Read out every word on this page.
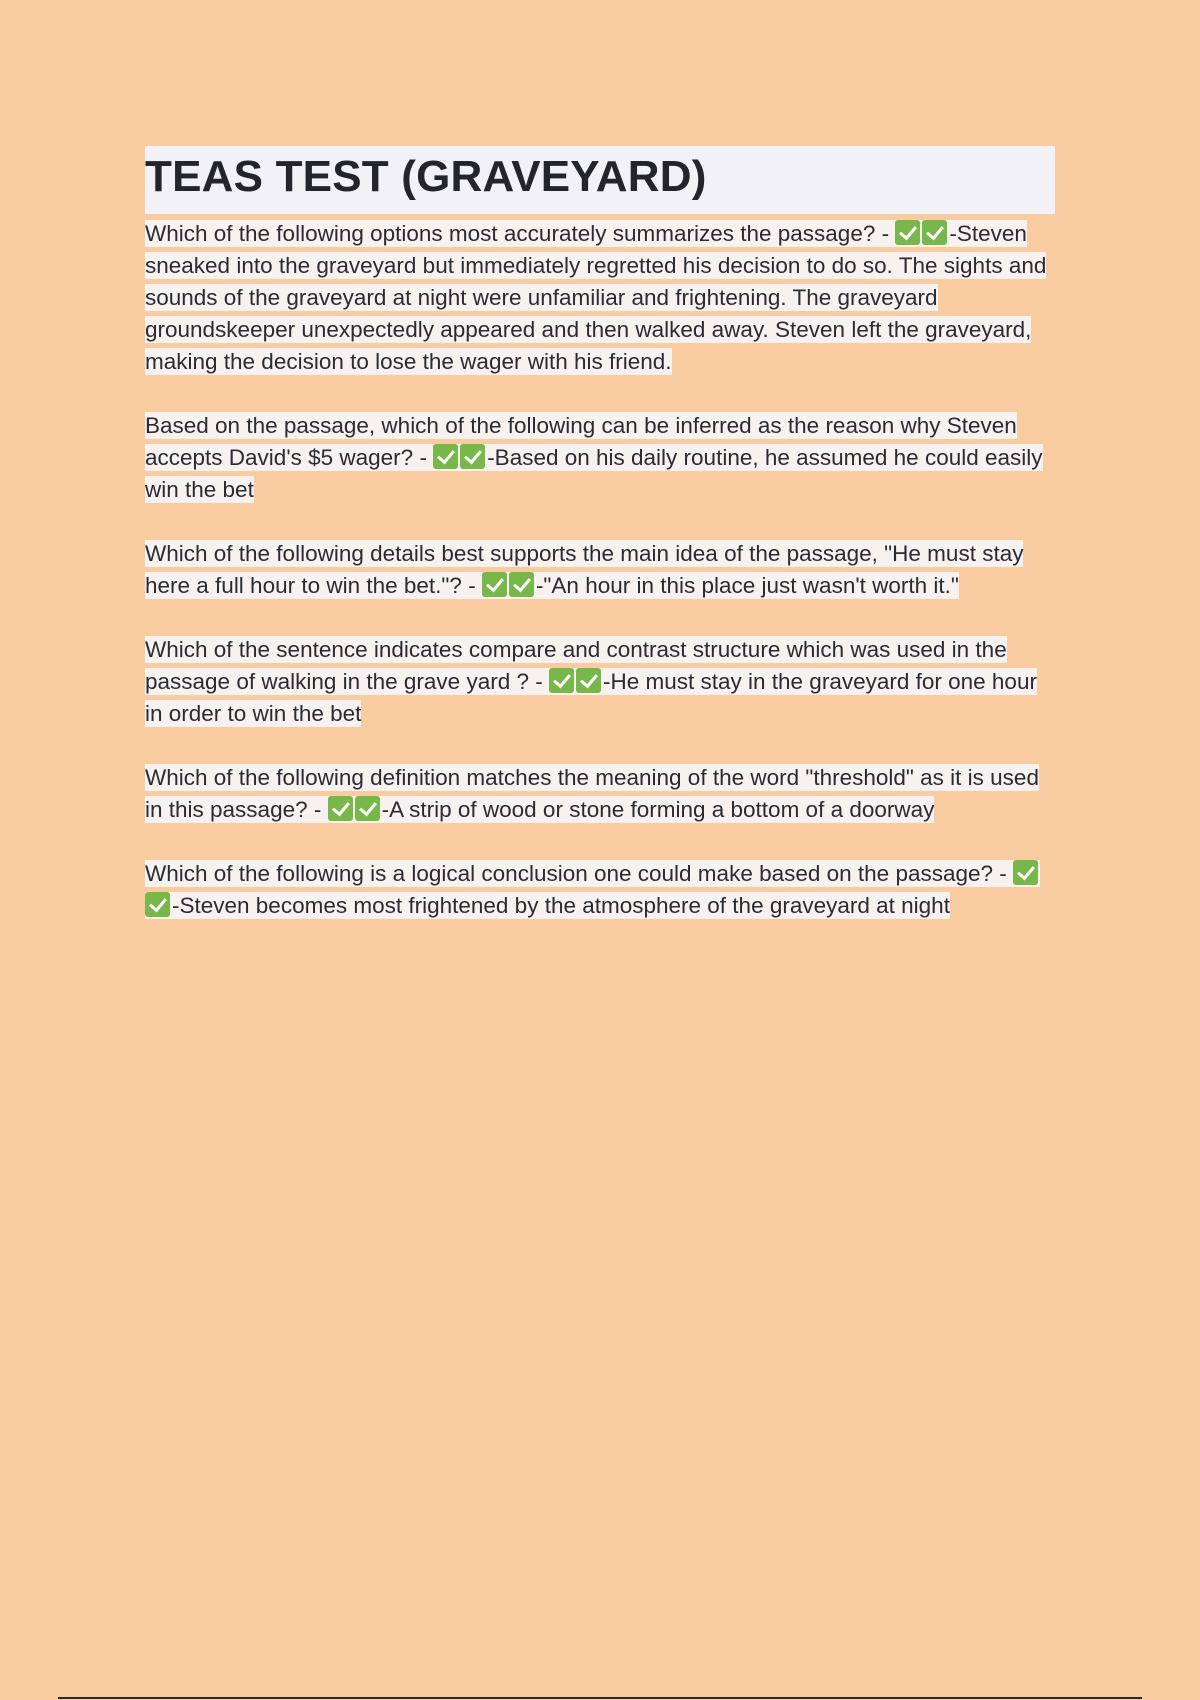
TEAS TEST (GRAVEYARD)

Which of the following options most accurately summarizes the passage? - -Steven sneaked into the graveyard but immediately regretted his decision to do so. The sights and sounds of the graveyard at night were unfamiliar and frightening. The graveyard groundskeeper unexpectedly appeared and then walked away. Steven left the graveyard, making the decision to lose the wager with his friend.

Based on the passage, which of the following can be inferred as the reason why Steven accepts David's $5 wager? - -Based on his daily routine, he assumed he could easily win the bet

Which of the following details best supports the main idea of the passage, "He must stay here a full hour to win the bet."? - -"An hour in this place just wasn't worth it."

Which of the sentence indicates compare and contrast structure which was used in the passage of walking in the grave yard ? - -He must stay in the graveyard for one hour in order to win the bet

Which of the following definition matches the meaning of the word "threshold" as it is used in this passage? - -A strip of wood or stone forming a bottom of a doorway

Which of the following is a logical conclusion one could make based on the passage? - -Steven becomes most frightened by the atmosphere of the graveyard at night
